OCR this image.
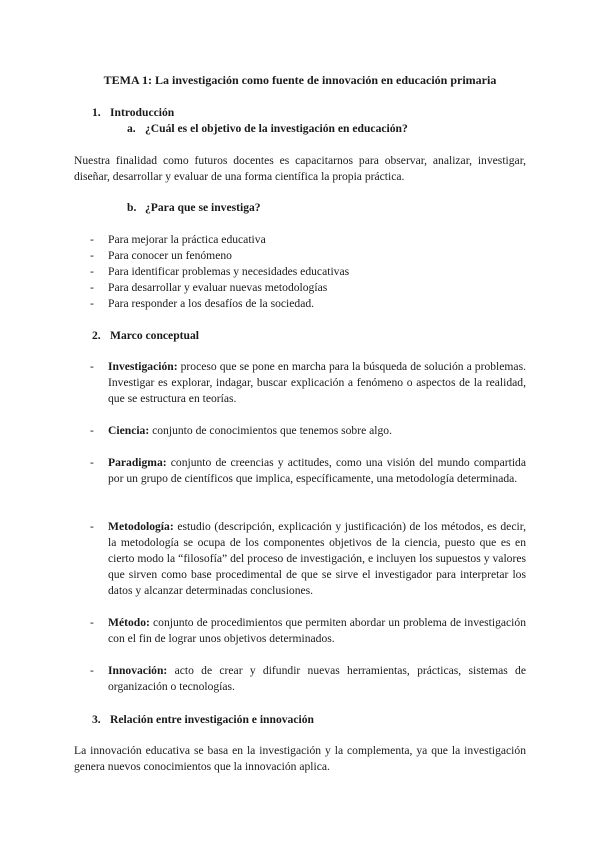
TEMA 1: La investigación como fuente de innovación en educación primaria
1. Introducción
a. ¿Cuál es el objetivo de la investigación en educación?
Nuestra finalidad como futuros docentes es capacitarnos para observar, analizar, investigar, diseñar, desarrollar y evaluar de una forma científica la propia práctica.
b. ¿Para que se investiga?
- Para mejorar la práctica educativa
- Para conocer un fenómeno
- Para identificar problemas y necesidades educativas
- Para desarrollar y evaluar nuevas metodologías
- Para responder a los desafíos de la sociedad.
2. Marco conceptual
- Investigación: proceso que se pone en marcha para la búsqueda de solución a problemas. Investigar es explorar, indagar, buscar explicación a fenómeno o aspectos de la realidad, que se estructura en teorías.
- Ciencia: conjunto de conocimientos que tenemos sobre algo.
- Paradigma: conjunto de creencias y actitudes, como una visión del mundo compartida por un grupo de científicos que implica, específicamente, una metodología determinada.
- Metodología: estudio (descripción, explicación y justificación) de los métodos, es decir, la metodología se ocupa de los componentes objetivos de la ciencia, puesto que es en cierto modo la “filosofía” del proceso de investigación, e incluyen los supuestos y valores que sirven como base procedimental de que se sirve el investigador para interpretar los datos y alcanzar determinadas conclusiones.
- Método: conjunto de procedimientos que permiten abordar un problema de investigación con el fin de lograr unos objetivos determinados.
- Innovación: acto de crear y difundir nuevas herramientas, prácticas, sistemas de organización o tecnologías.
3. Relación entre investigación e innovación
La innovación educativa se basa en la investigación y la complementa, ya que la investigación genera nuevos conocimientos que la innovación aplica.
